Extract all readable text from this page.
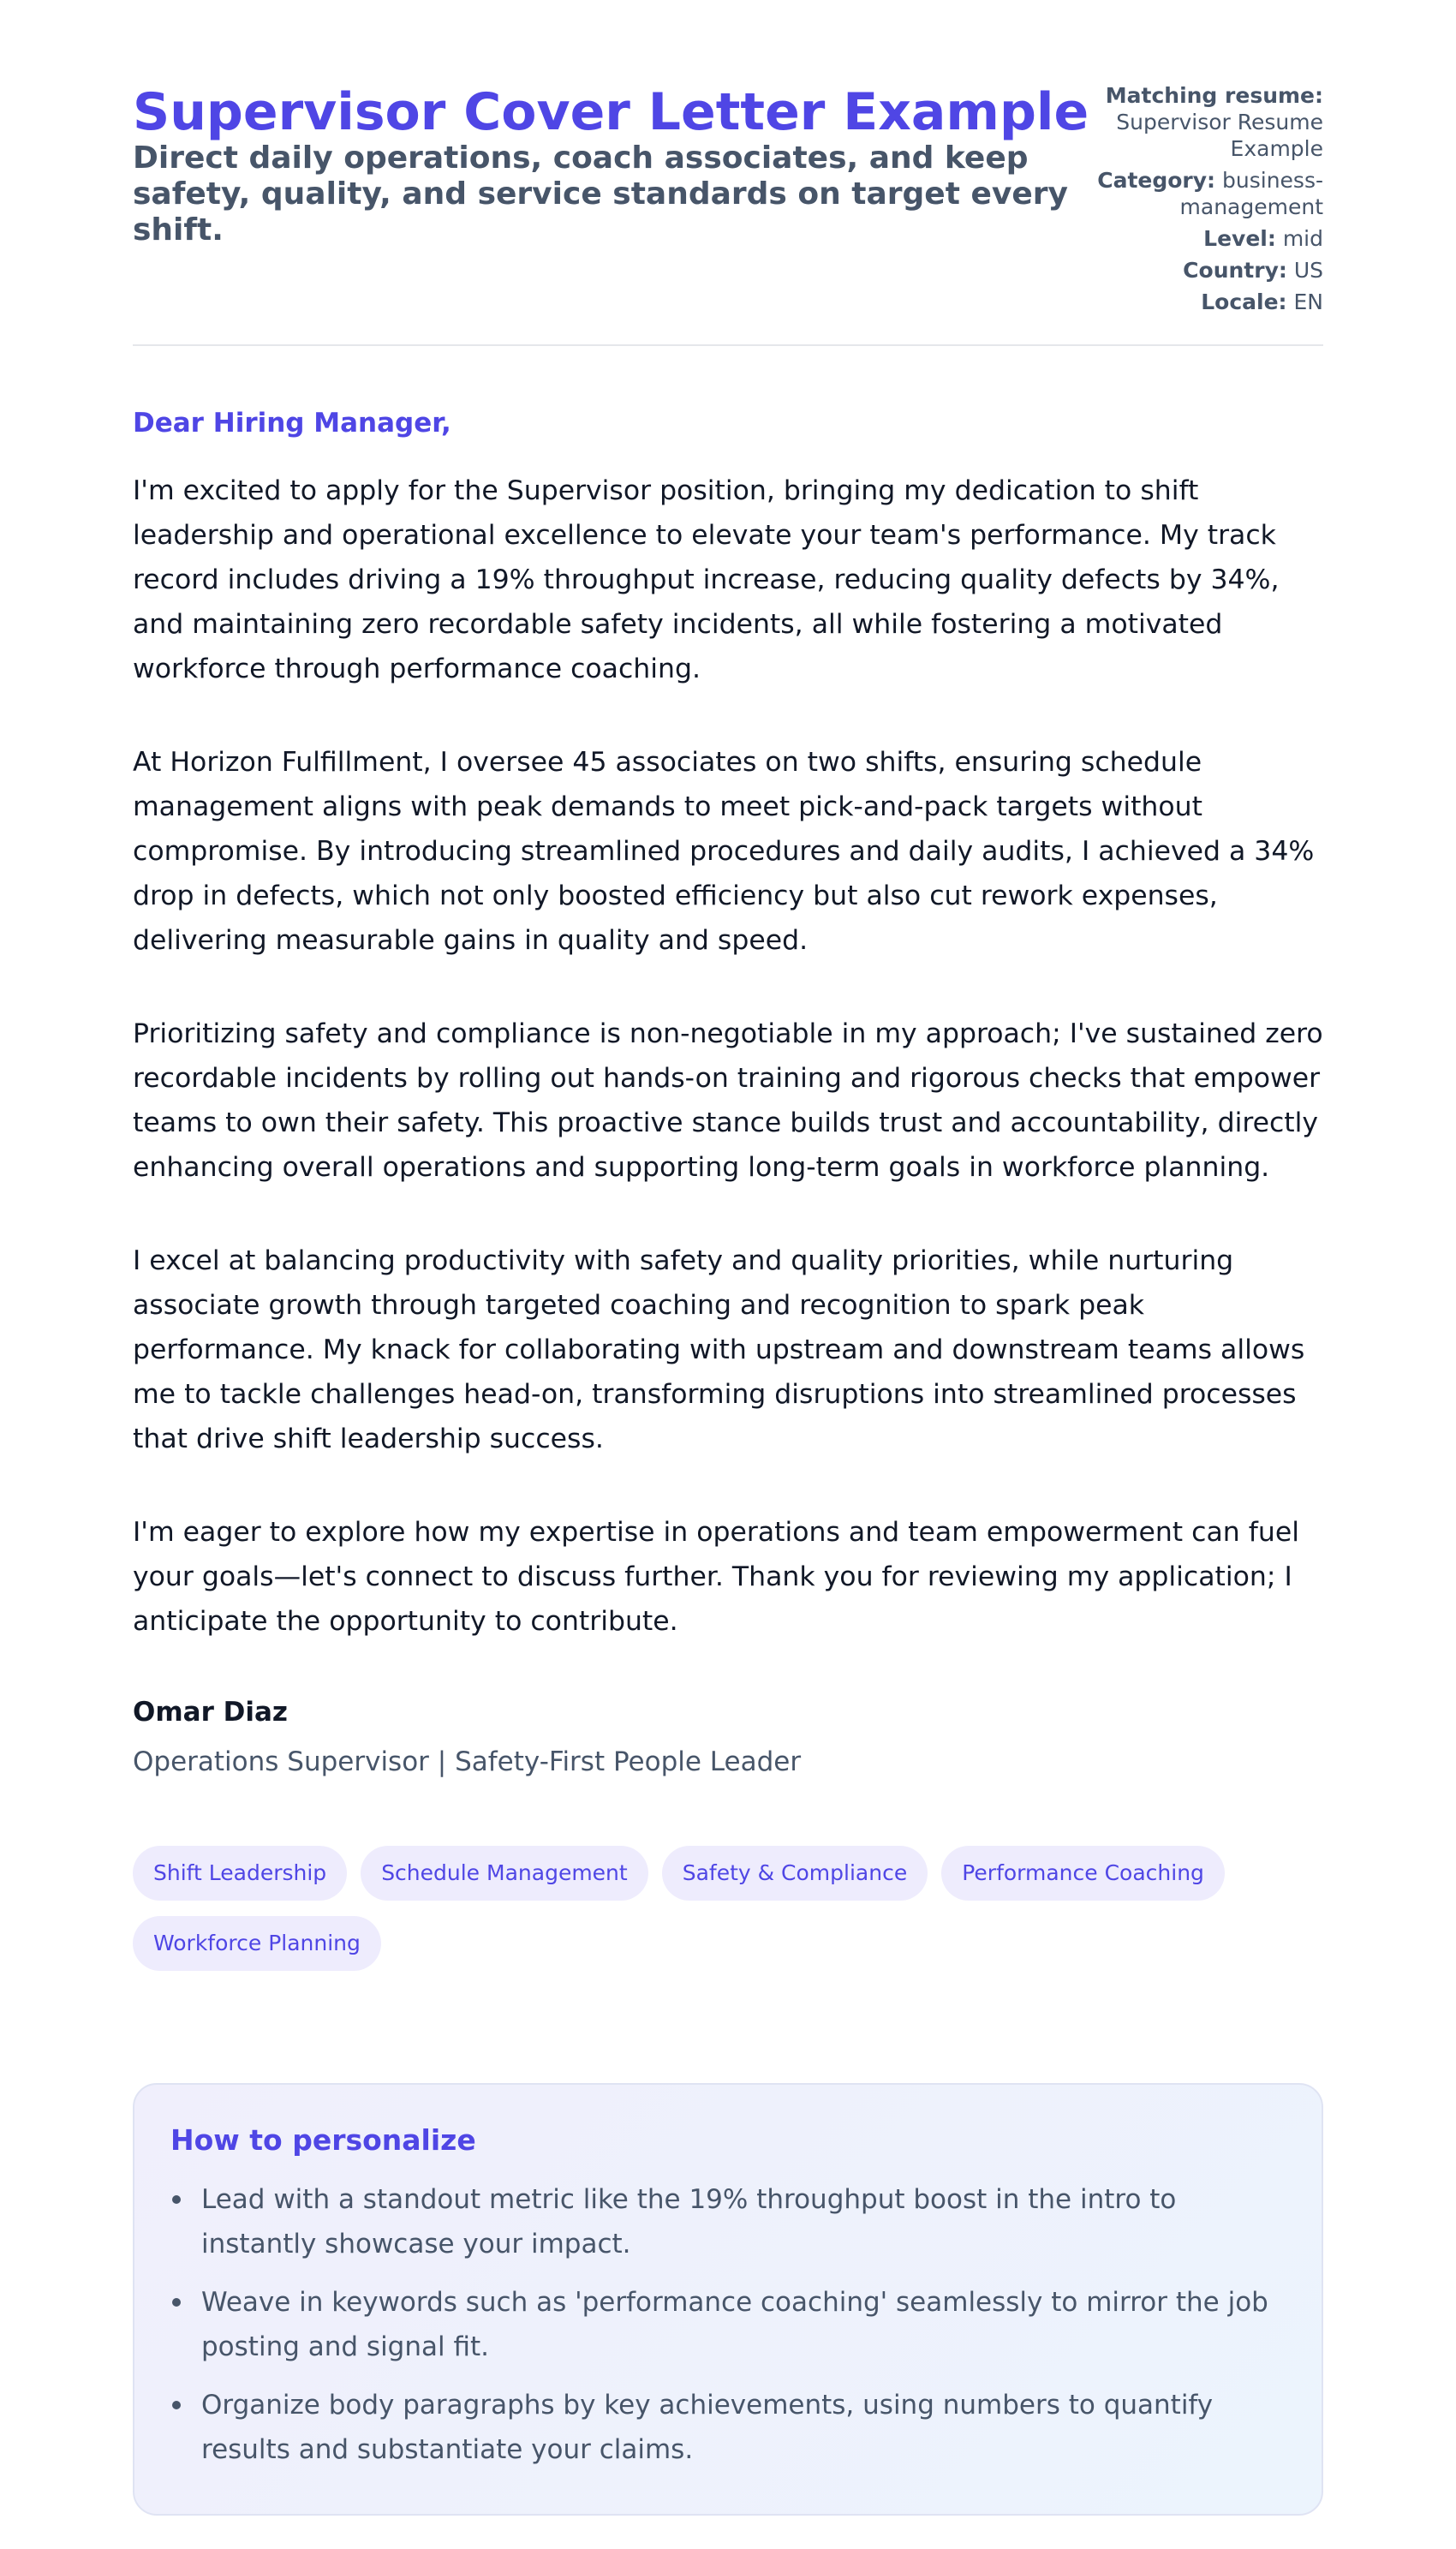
Supervisor Cover Letter Example
Direct daily operations, coach associates, and keep safety, quality, and service standards on target every shift.
Matching resume: Supervisor Resume Example
Category: business-management
Level: mid
Country: US
Locale: EN
Dear Hiring Manager,

I'm excited to apply for the Supervisor position, bringing my dedication to shift leadership and operational excellence to elevate your team's performance. My track record includes driving a 19% throughput increase, reducing quality defects by 34%, and maintaining zero recordable safety incidents, all while fostering a motivated workforce through performance coaching.

At Horizon Fulfillment, I oversee 45 associates on two shifts, ensuring schedule management aligns with peak demands to meet pick-and-pack targets without compromise. By introducing streamlined procedures and daily audits, I achieved a 34% drop in defects, which not only boosted efficiency but also cut rework expenses, delivering measurable gains in quality and speed.

Prioritizing safety and compliance is non-negotiable in my approach; I've sustained zero recordable incidents by rolling out hands-on training and rigorous checks that empower teams to own their safety. This proactive stance builds trust and accountability, directly enhancing overall operations and supporting long-term goals in workforce planning.

I excel at balancing productivity with safety and quality priorities, while nurturing associate growth through targeted coaching and recognition to spark peak performance. My knack for collaborating with upstream and downstream teams allows me to tackle challenges head-on, transforming disruptions into streamlined processes that drive shift leadership success.

I'm eager to explore how my expertise in operations and team empowerment can fuel your goals—let's connect to discuss further. Thank you for reviewing my application; I anticipate the opportunity to contribute.

Omar Diaz
Operations Supervisor | Safety-First People Leader
Shift Leadership	Schedule Management	Safety & Compliance	Performance Coaching
Workforce Planning
How to personalize
Lead with a standout metric like the 19% throughput boost in the intro to instantly showcase your impact.
Weave in keywords such as 'performance coaching' seamlessly to mirror the job posting and signal fit.
Organize body paragraphs by key achievements, using numbers to quantify results and substantiate your claims.
